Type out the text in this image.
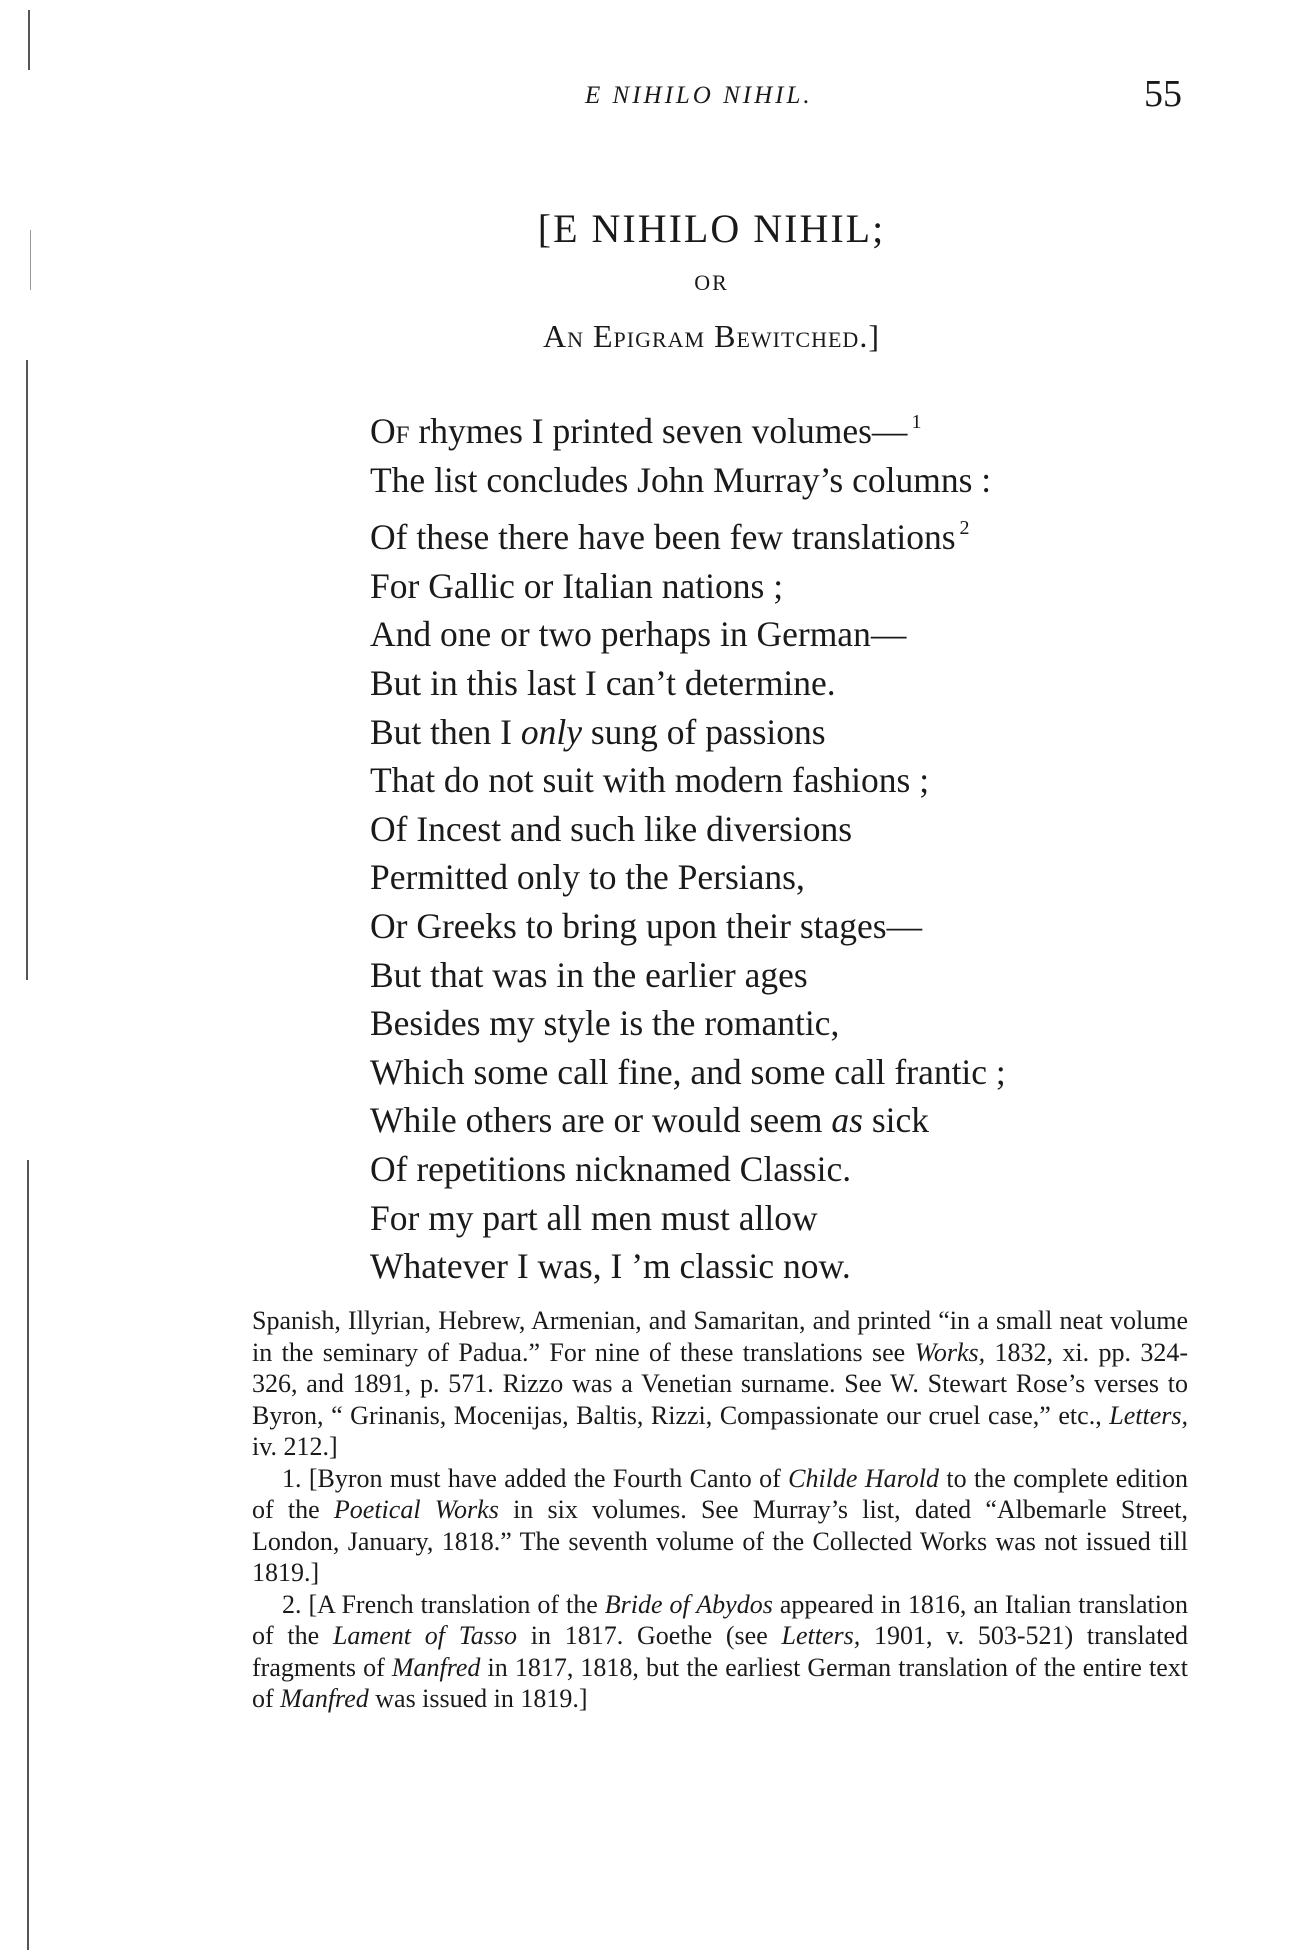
E NIHILO NIHIL.	55
[E NIHILO NIHIL;
OR
An Epigram Bewitched.]
Of rhymes I printed seven volumes— $^1$
The list concludes John Murray’s columns :
Of these there have been few translations $^2$
For Gallic or Italian nations ;
And one or two perhaps in German—
But in this last I can’t determine.
But then I only sung of passions
That do not suit with modern fashions ;
Of Incest and such like diversions
Permitted only to the Persians,
Or Greeks to bring upon their stages—
But that was in the earlier ages
Besides my style is the romantic,
Which some call fine, and some call frantic ;
While others are or would seem as sick
Of repetitions nicknamed Classic.
For my part all men must allow
Whatever I was, I ’m classic now.

Spanish, Illyrian, Hebrew, Armenian, and Samaritan, and printed “in a small neat volume in the seminary of Padua.” For nine of these translations see Works, 1832, xi. pp. 324-326, and 1891, p. 571. Rizzo was a Venetian surname. See W. Stewart Rose’s verses to Byron, “ Grinanis, Mocenijas, Baltis, Rizzi, Compassionate our cruel case,” etc., Letters, iv. 212.]

1. [Byron must have added the Fourth Canto of Childe Harold to the complete edition of the Poetical Works in six volumes. See Murray’s list, dated “Albemarle Street, London, January, 1818.” The seventh volume of the Collected Works was not issued till 1819.]

2. [A French translation of the Bride of Abydos appeared in 1816, an Italian translation of the Lament of Tasso in 1817. Goethe (see Letters, 1901, v. 503-521) translated fragments of Manfred in 1817, 1818, but the earliest German translation of the entire text of Manfred was issued in 1819.]
